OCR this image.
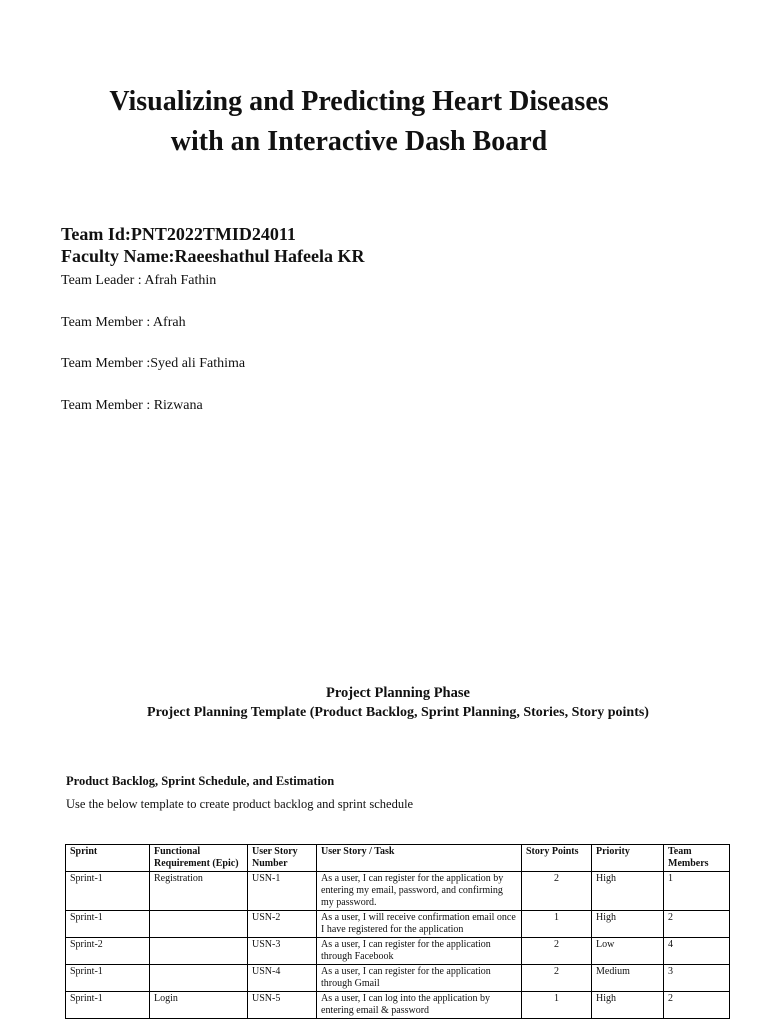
Visualizing and Predicting Heart Diseases
with an Interactive Dash Board
Team Id:PNT2022TMID24011
Faculty Name:Raeeshathul Hafeela KR
Team Leader : Afrah Fathin
Team Member : Afrah
Team Member :Syed ali Fathima
Team Member : Rizwana
Project Planning Phase
Project Planning Template (Product Backlog, Sprint Planning, Stories, Story points)
Product Backlog, Sprint Schedule, and Estimation
Use the below template to create product backlog and sprint schedule
Sprint	Functional Requirement (Epic)	User Story Number	User Story / Task	Story Points	Priority	Team Members
Sprint-1	Registration	USN-1	As a user, I can register for the application by entering my email, password, and confirming my password.	2	High	1
Sprint-1		USN-2	As a user, I will receive confirmation email once I have registered for the application	1	High	2
Sprint-2		USN-3	As a user, I can register for the application through Facebook	2	Low	4
Sprint-1		USN-4	As a user, I can register for the application through Gmail	2	Medium	3
Sprint-1	Login	USN-5	As a user, I can log into the application by entering email & password	1	High	2
